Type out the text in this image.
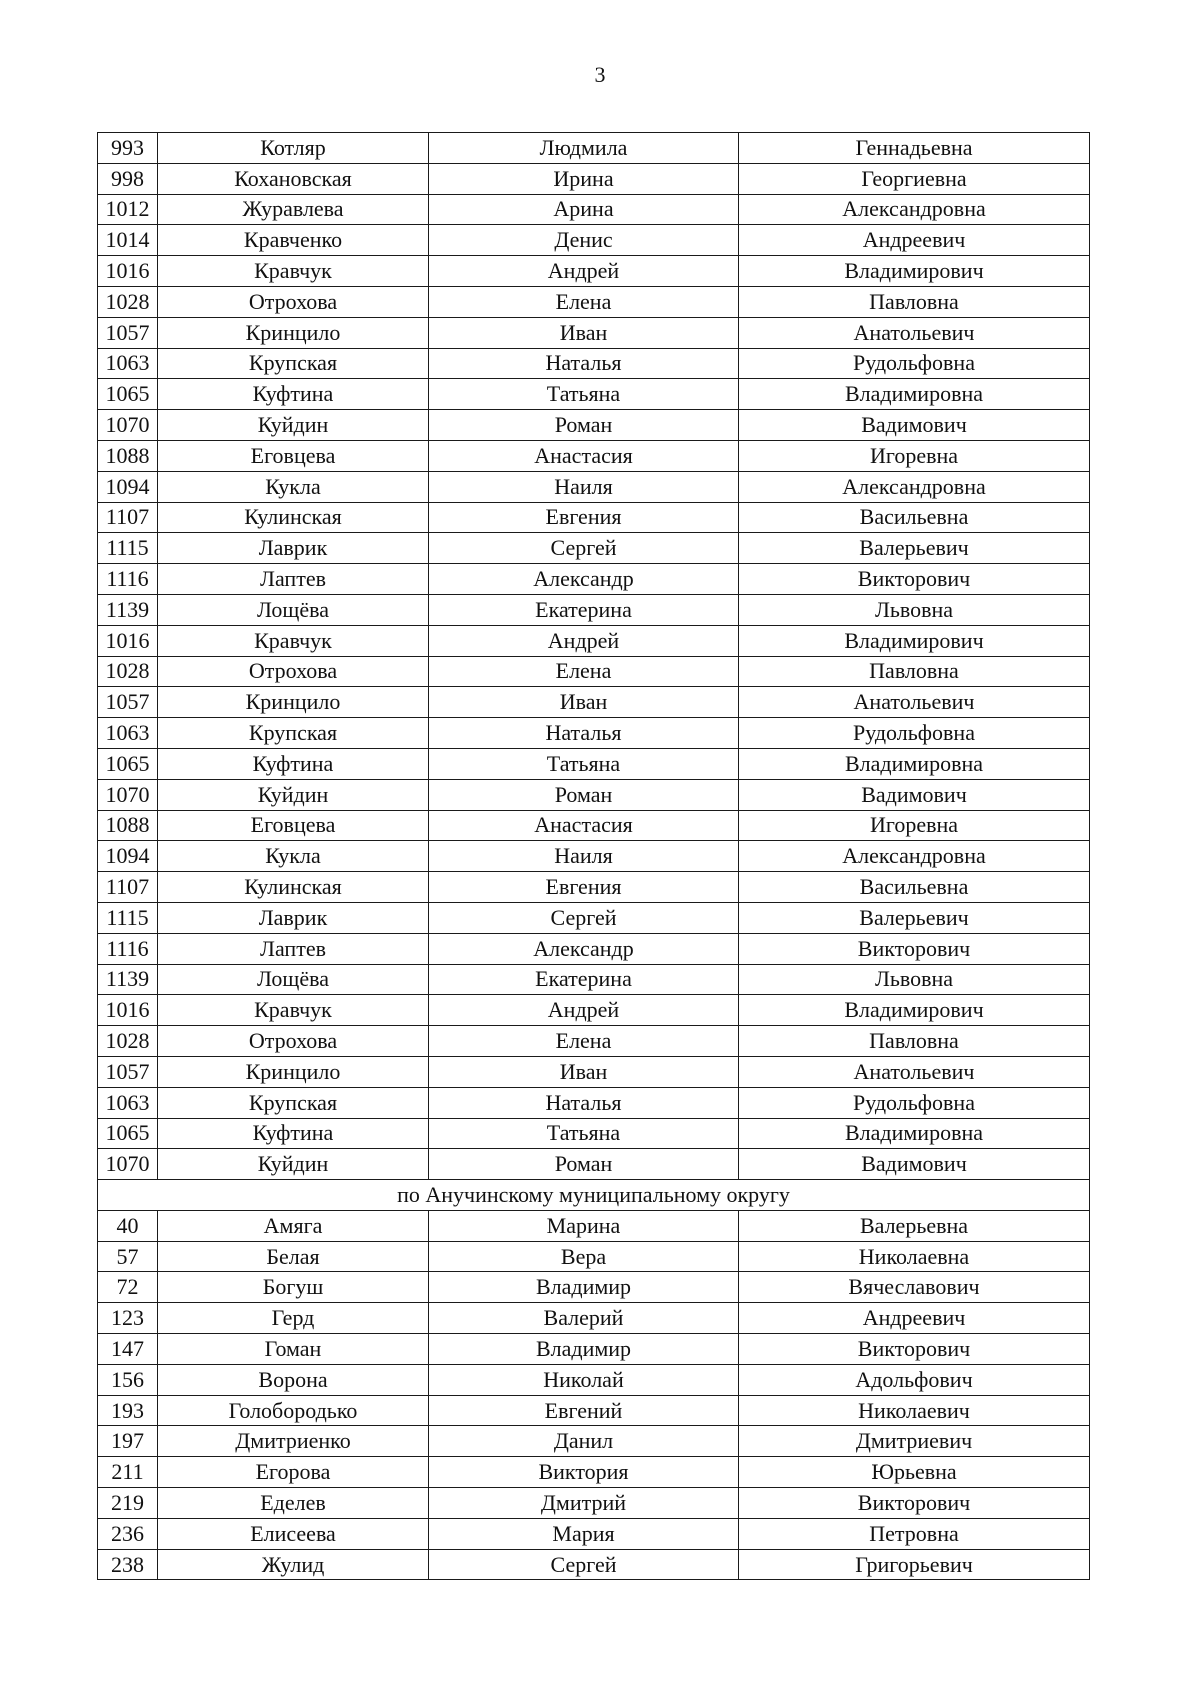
3
993	Котляр	Людмила	Геннадьевна
998	Кохановская	Ирина	Георгиевна
1012	Журавлева	Арина	Александровна
1014	Кравченко	Денис	Андреевич
1016	Кравчук	Андрей	Владимирович
1028	Отрохова	Елена	Павловна
1057	Кринцило	Иван	Анатольевич
1063	Крупская	Наталья	Рудольфовна
1065	Куфтина	Татьяна	Владимировна
1070	Куйдин	Роман	Вадимович
1088	Еговцева	Анастасия	Игоревна
1094	Кукла	Наиля	Александровна
1107	Кулинская	Евгения	Васильевна
1115	Лаврик	Сергей	Валерьевич
1116	Лаптев	Александр	Викторович
1139	Лощёва	Екатерина	Львовна
1016	Кравчук	Андрей	Владимирович
1028	Отрохова	Елена	Павловна
1057	Кринцило	Иван	Анатольевич
1063	Крупская	Наталья	Рудольфовна
1065	Куфтина	Татьяна	Владимировна
1070	Куйдин	Роман	Вадимович
1088	Еговцева	Анастасия	Игоревна
1094	Кукла	Наиля	Александровна
1107	Кулинская	Евгения	Васильевна
1115	Лаврик	Сергей	Валерьевич
1116	Лаптев	Александр	Викторович
1139	Лощёва	Екатерина	Львовна
1016	Кравчук	Андрей	Владимирович
1028	Отрохова	Елена	Павловна
1057	Кринцило	Иван	Анатольевич
1063	Крупская	Наталья	Рудольфовна
1065	Куфтина	Татьяна	Владимировна
1070	Куйдин	Роман	Вадимович
по Анучинскому муниципальному округу			
40	Амяга	Марина	Валерьевна
57	Белая	Вера	Николаевна
72	Богуш	Владимир	Вячеславович
123	Герд	Валерий	Андреевич
147	Гоман	Владимир	Викторович
156	Ворона	Николай	Адольфович
193	Голобородько	Евгений	Николаевич
197	Дмитриенко	Данил	Дмитриевич
211	Егорова	Виктория	Юрьевна
219	Еделев	Дмитрий	Викторович
236	Елисеева	Мария	Петровна
238	Жулид	Сергей	Григорьевич
